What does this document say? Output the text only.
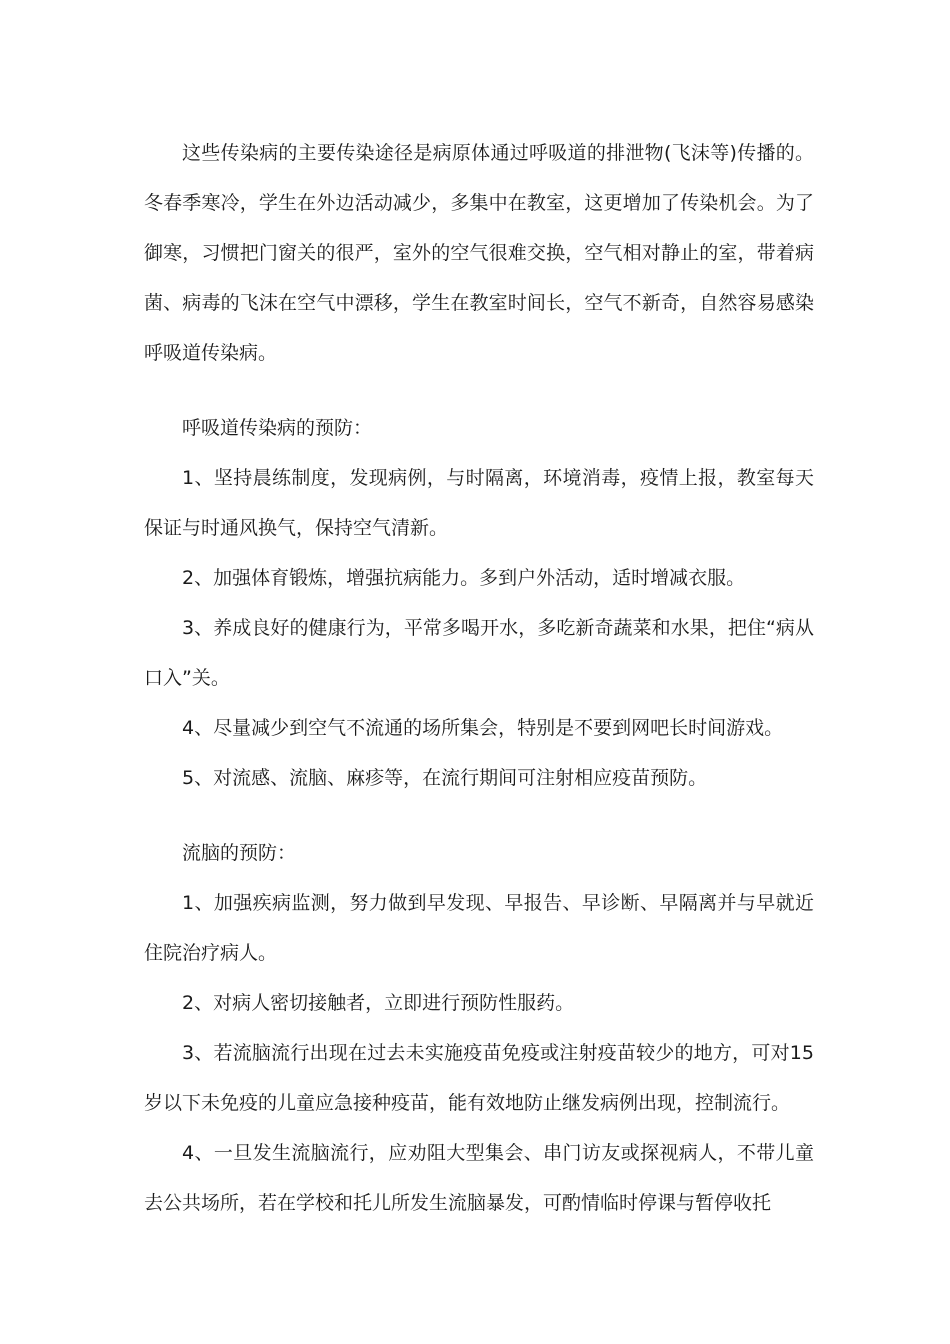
这些传染病的主要传染途径是病原体通过呼吸道的排泄物(飞沫等)传播的。冬春季寒冷，学生在外边活动减少，多集中在教室，这更增加了传染机会。为了御寒，习惯把门窗关的很严，室外的空气很难交换，空气相对静止的室，带着病菌、病毒的飞沫在空气中漂移，学生在教室时间长，空气不新奇，自然容易感染呼吸道传染病。

呼吸道传染病的预防：

1、坚持晨练制度，发现病例，与时隔离，环境消毒，疫情上报，教室每天保证与时通风换气，保持空气清新。

2、加强体育锻炼，增强抗病能力。多到户外活动，适时增减衣服。

3、养成良好的健康行为，平常多喝开水，多吃新奇蔬菜和水果，把住“病从口入”关。

4、尽量减少到空气不流通的场所集会，特别是不要到网吧长时间游戏。

5、对流感、流脑、麻疹等，在流行期间可注射相应疫苗预防。

流脑的预防：

1、加强疾病监测，努力做到早发现、早报告、早诊断、早隔离并与早就近住院治疗病人。

2、对病人密切接触者，立即进行预防性服药。

3、若流脑流行出现在过去未实施疫苗免疫或注射疫苗较少的地方，可对15 岁以下未免疫的儿童应急接种疫苗，能有效地防止继发病例出现，控制流行。

4、一旦发生流脑流行，应劝阻大型集会、串门访友或探视病人，不带儿童去公共场所，若在学校和托儿所发生流脑暴发，可酌情临时停课与暂停收托
